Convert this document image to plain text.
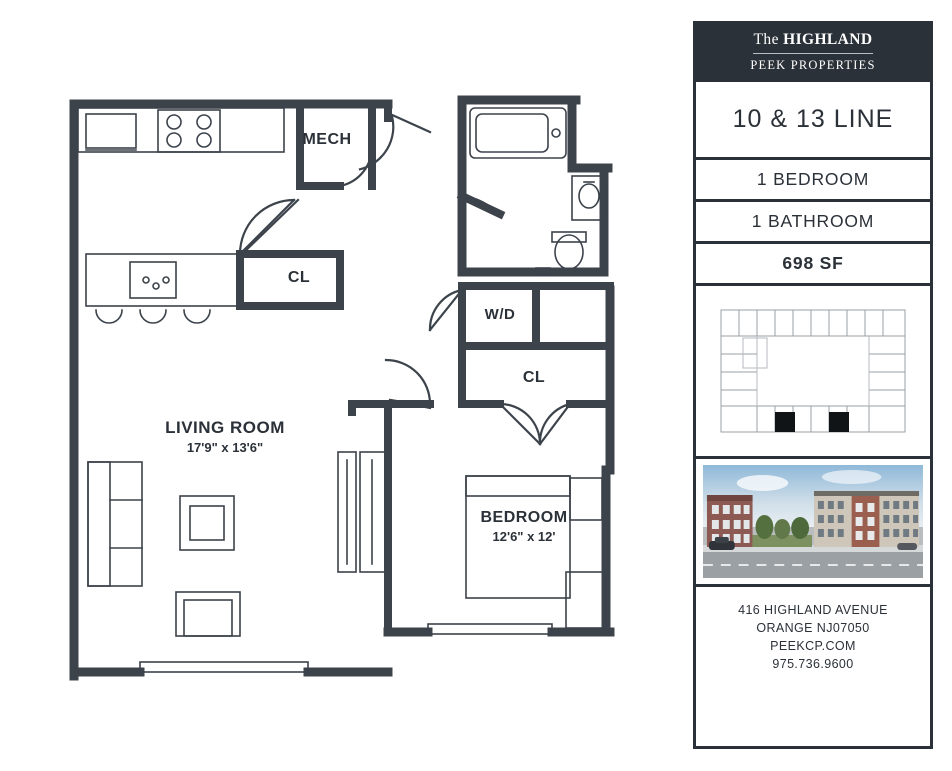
MECH
CL
W/D
CL
LIVING ROOM
17'9" x 13'6"
BEDROOM
12'6" x 12'
The HIGHLAND
PEEK PROPERTIES
10 & 13 LINE
1 BEDROOM
1 BATHROOM
698 SF
416 HIGHLAND AVENUE
ORANGE NJ07050
PEEKCP.COM
975.736.9600
